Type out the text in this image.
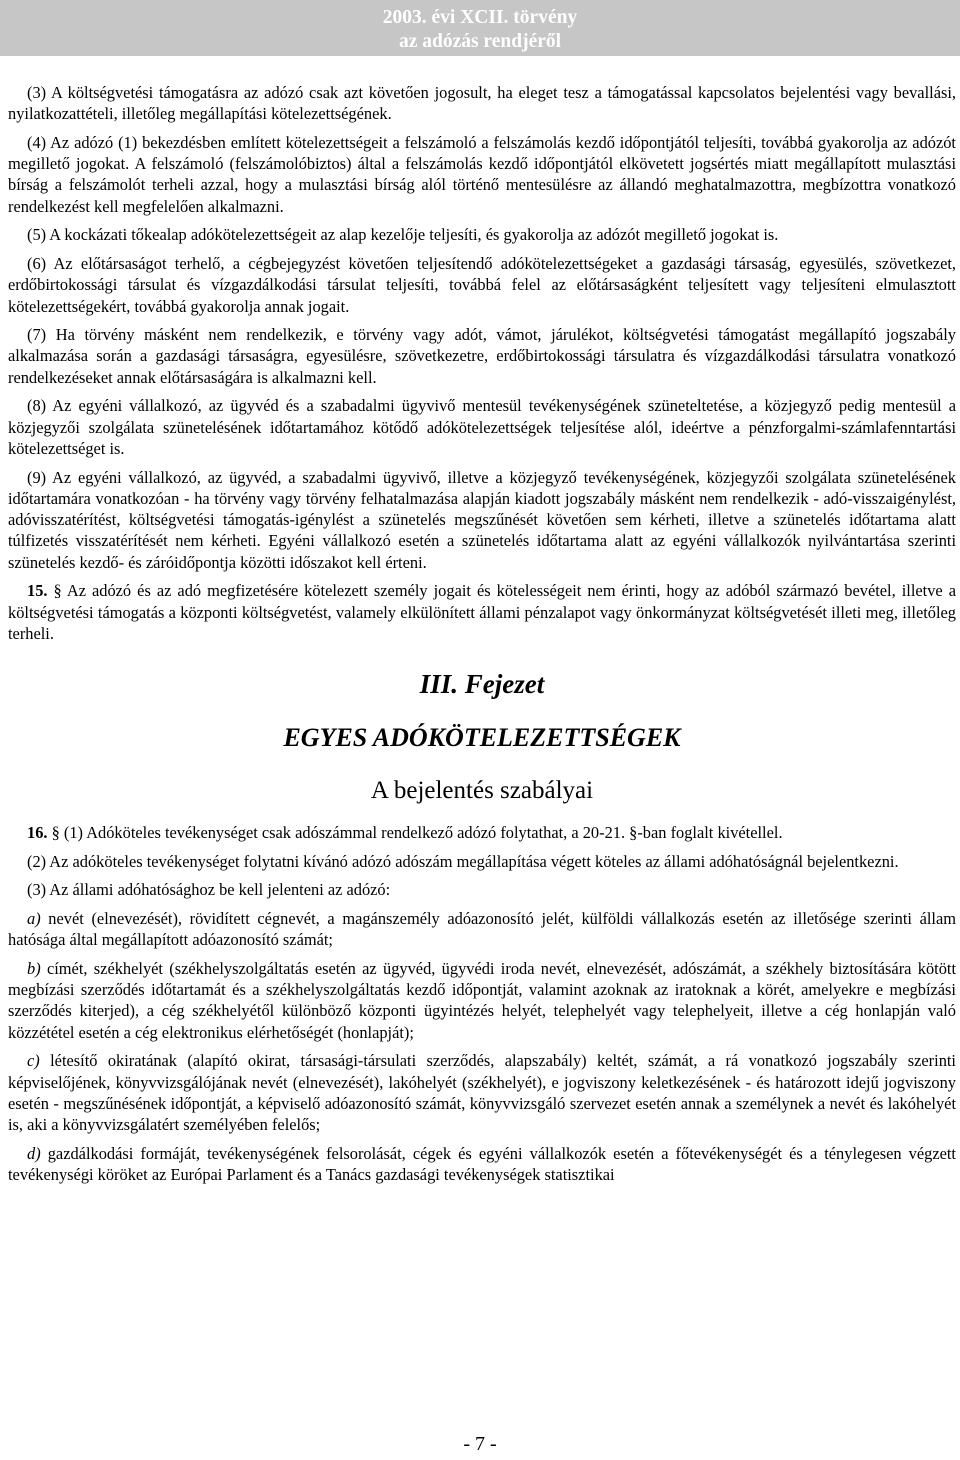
2003. évi XCII. törvény
az adózás rendjéről

(3) A költségvetési támogatásra az adózó csak azt követően jogosult, ha eleget tesz a támogatással kapcsolatos bejelentési vagy bevallási, nyilatkozattételi, illetőleg megállapítási kötelezettségének.

(4) Az adózó (1) bekezdésben említett kötelezettségeit a felszámoló a felszámolás kezdő időpontjától teljesíti, továbbá gyakorolja az adózót megillető jogokat. A felszámoló (felszámolóbiztos) által a felszámolás kezdő időpontjától elkövetett jogsértés miatt megállapított mulasztási bírság a felszámolót terheli azzal, hogy a mulasztási bírság alól történő mentesülésre az állandó meghatalmazottra, megbízottra vonatkozó rendelkezést kell megfelelően alkalmazni.

(5) A kockázati tőkealap adókötelezettségeit az alap kezelője teljesíti, és gyakorolja az adózót megillető jogokat is.

(6) Az előtársaságot terhelő, a cégbejegyzést követően teljesítendő adókötelezettségeket a gazdasági társaság, egyesülés, szövetkezet, erdőbirtokossági társulat és vízgazdálkodási társulat teljesíti, továbbá felel az előtársaságként teljesített vagy teljesíteni elmulasztott kötelezettségekért, továbbá gyakorolja annak jogait.

(7) Ha törvény másként nem rendelkezik, e törvény vagy adót, vámot, járulékot, költségvetési támogatást megállapító jogszabály alkalmazása során a gazdasági társaságra, egyesülésre, szövetkezetre, erdőbirtokossági társulatra és vízgazdálkodási társulatra vonatkozó rendelkezéseket annak előtársaságára is alkalmazni kell.

(8) Az egyéni vállalkozó, az ügyvéd és a szabadalmi ügyvivő mentesül tevékenységének szüneteltetése, a közjegyző pedig mentesül a közjegyzői szolgálata szünetelésének időtartamához kötődő adókötelezettségek teljesítése alól, ideértve a pénzforgalmi-számlafenntartási kötelezettséget is.

(9) Az egyéni vállalkozó, az ügyvéd, a szabadalmi ügyvivő, illetve a közjegyző tevékenységének, közjegyzői szolgálata szünetelésének időtartamára vonatkozóan - ha törvény vagy törvény felhatalmazása alapján kiadott jogszabály másként nem rendelkezik - adó-visszaigénylést, adóvisszatérítést, költségvetési támogatás-igénylést a szünetelés megszűnését követően sem kérheti, illetve a szünetelés időtartama alatt túlfizetés visszatérítését nem kérheti. Egyéni vállalkozó esetén a szünetelés időtartama alatt az egyéni vállalkozók nyilvántartása szerinti szünetelés kezdő- és záróidőpontja közötti időszakot kell érteni.

15. § Az adózó és az adó megfizetésére kötelezett személy jogait és kötelességeit nem érinti, hogy az adóból származó bevétel, illetve a költségvetési támogatás a központi költségvetést, valamely elkülönített állami pénzalapot vagy önkormányzat költségvetését illeti meg, illetőleg terheli.

III. Fejezet
EGYES ADÓKÖTELEZETTSÉGEK
A bejelentés szabályai

16. § (1) Adóköteles tevékenységet csak adószámmal rendelkező adózó folytathat, a 20-21. §-ban foglalt kivétellel.

(2) Az adóköteles tevékenységet folytatni kívánó adózó adószám megállapítása végett köteles az állami adóhatóságnál bejelentkezni.

(3) Az állami adóhatósághoz be kell jelenteni az adózó:

a) nevét (elnevezését), rövidített cégnevét, a magánszemély adóazonosító jelét, külföldi vállalkozás esetén az illetősége szerinti állam hatósága által megállapított adóazonosító számát;

b) címét, székhelyét (székhelyszolgáltatás esetén az ügyvéd, ügyvédi iroda nevét, elnevezését, adószámát, a székhely biztosítására kötött megbízási szerződés időtartamát és a székhelyszolgáltatás kezdő időpontját, valamint azoknak az iratoknak a körét, amelyekre e megbízási szerződés kiterjed), a cég székhelyétől különböző központi ügyintézés helyét, telephelyét vagy telephelyeit, illetve a cég honlapján való közzététel esetén a cég elektronikus elérhetőségét (honlapját);

c) létesítő okiratának (alapító okirat, társasági-társulati szerződés, alapszabály) keltét, számát, a rá vonatkozó jogszabály szerinti képviselőjének, könyvvizsgálójának nevét (elnevezését), lakóhelyét (székhelyét), e jogviszony keletkezésének - és határozott idejű jogviszony esetén - megszűnésének időpontját, a képviselő adóazonosító számát, könyvvizsgáló szervezet esetén annak a személynek a nevét és lakóhelyét is, aki a könyvvizsgálatért személyében felelős;

d) gazdálkodási formáját, tevékenységének felsorolását, cégek és egyéni vállalkozók esetén a főtevékenységét és a ténylegesen végzett tevékenységi köröket az Európai Parlament és a Tanács gazdasági tevékenységek statisztikai

- 7 -
